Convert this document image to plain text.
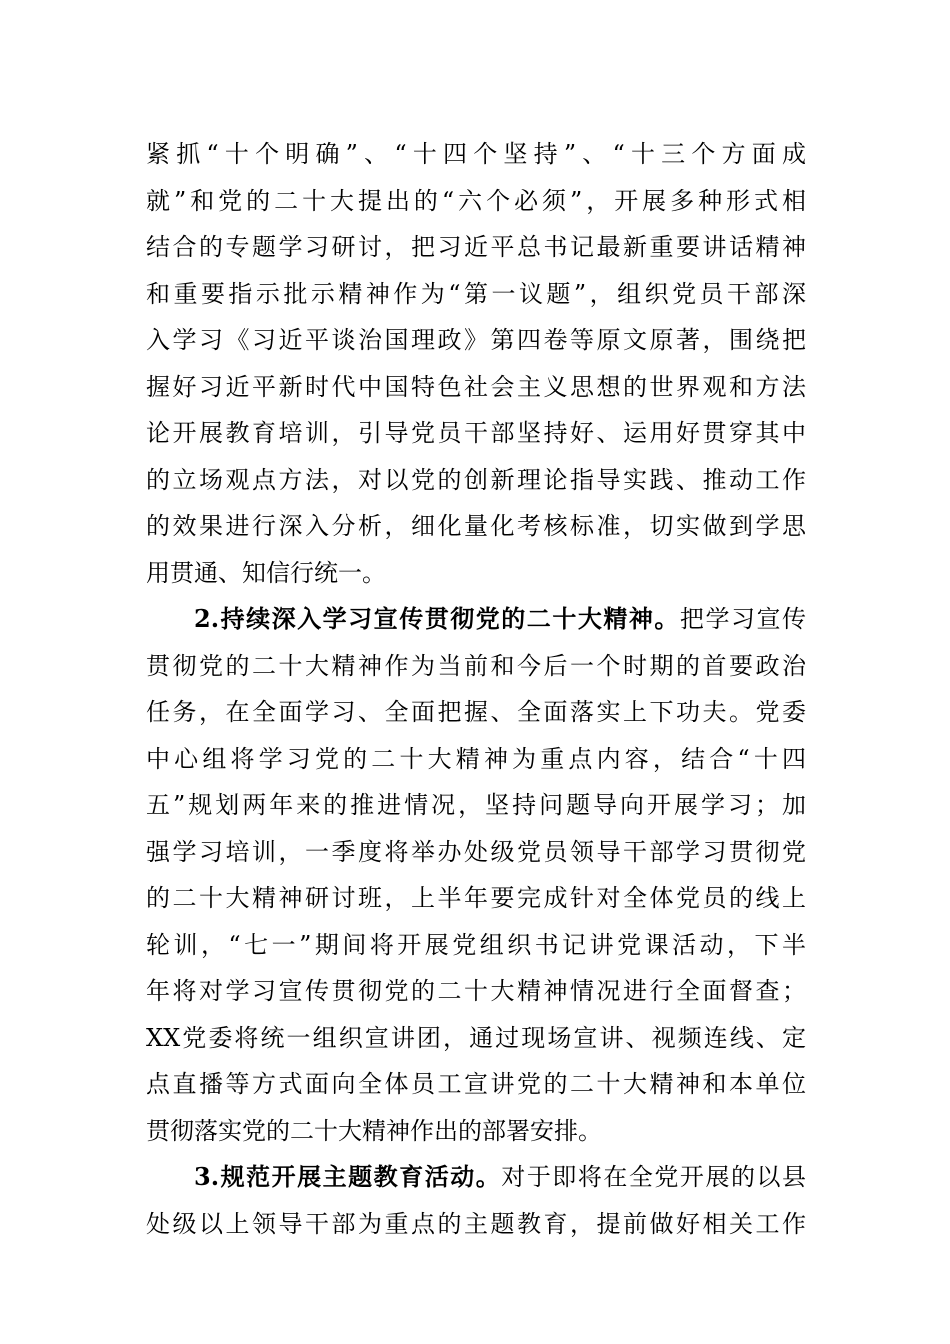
紧抓“十个明确”、“十四个坚持”、“十三个方面成
就”和党的二十大提出的“六个必须”，开展多种形式相
结合的专题学习研讨，把习近平总书记最新重要讲话精神
和重要指示批示精神作为“第一议题”，组织党员干部深
入学习《习近平谈治国理政》第四卷等原文原著，围绕把
握好习近平新时代中国特色社会主义思想的世界观和方法
论开展教育培训，引导党员干部坚持好、运用好贯穿其中
的立场观点方法，对以党的创新理论指导实践、推动工作
的效果进行深入分析，细化量化考核标准，切实做到学思
用贯通、知信行统一。
2.持续深入学习宣传贯彻党的二十大精神。把学习宣传
贯彻党的二十大精神作为当前和今后一个时期的首要政治
任务，在全面学习、全面把握、全面落实上下功夫。党委
中心组将学习党的二十大精神为重点内容，结合“十四
五”规划两年来的推进情况，坚持问题导向开展学习；加
强学习培训，一季度将举办处级党员领导干部学习贯彻党
的二十大精神研讨班，上半年要完成针对全体党员的线上
轮训，“七一”期间将开展党组织书记讲党课活动，下半
年将对学习宣传贯彻党的二十大精神情况进行全面督查；
XX党委将统一组织宣讲团，通过现场宣讲、视频连线、定
点直播等方式面向全体员工宣讲党的二十大精神和本单位
贯彻落实党的二十大精神作出的部署安排。
3.规范开展主题教育活动。对于即将在全党开展的以县
处级以上领导干部为重点的主题教育，提前做好相关工作
